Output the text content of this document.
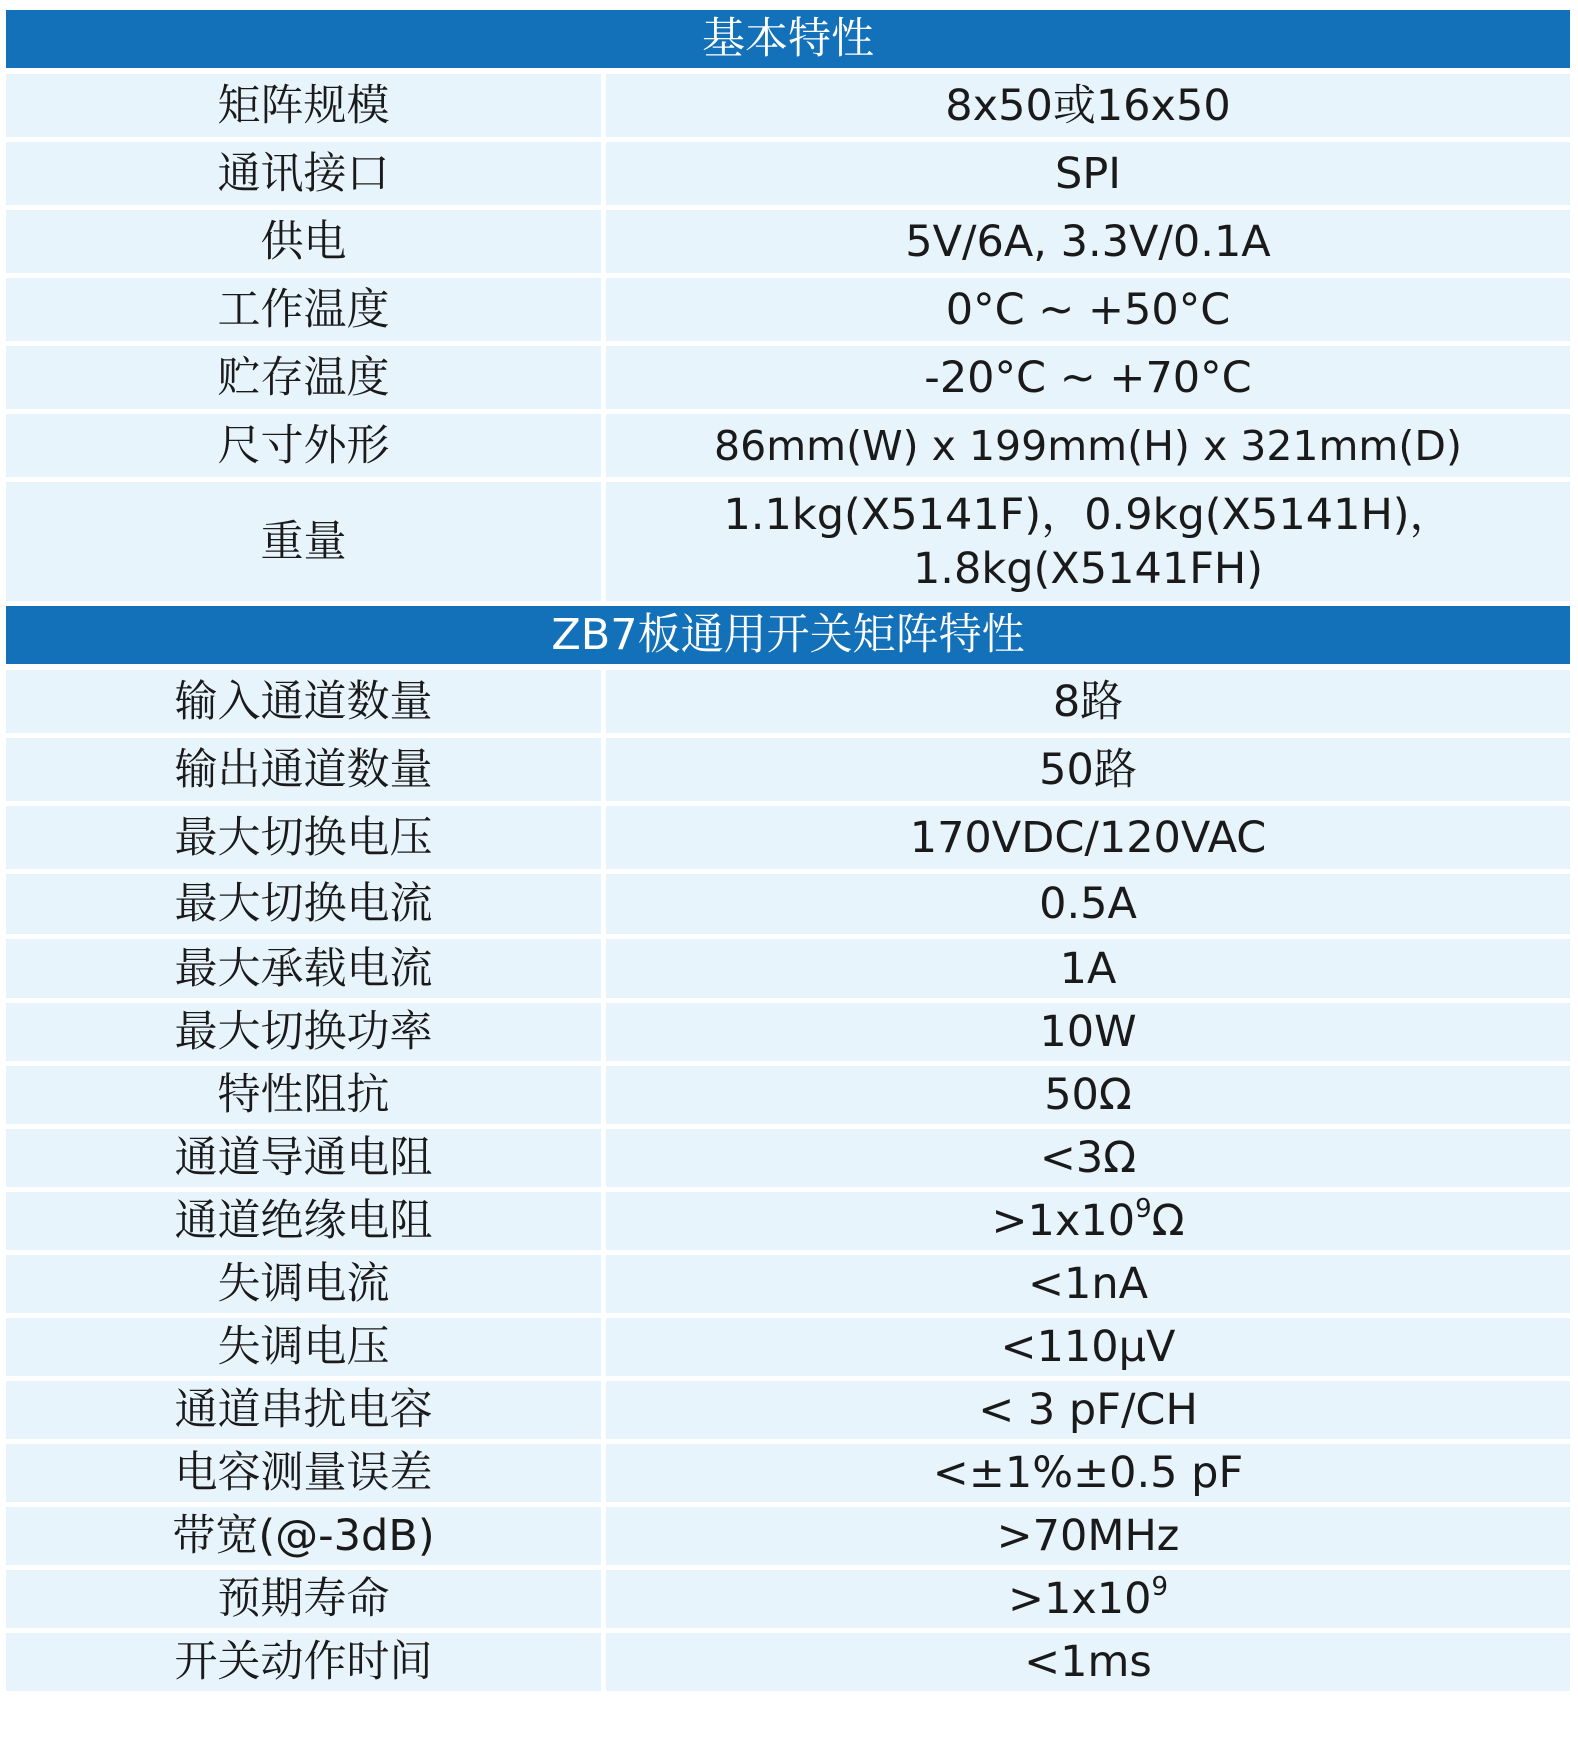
基本特性	
矩阵规模	8x50或16x50
通讯接口	SPI
供电	5V/6A, 3.3V/0.1A
工作温度	0°C ~ +50°C
贮存温度	-20°C ~ +70°C
尺寸外形	86mm(W) x 199mm(H) x 321mm(D)
重量	1.1kg(X5141F)，0.9kg(X5141H)，
1.8kg(X5141FH)

ZB7板通用开关矩阵特性	
输入通道数量	8路
输出通道数量	50路
最大切换电压	170VDC/120VAC
最大切换电流	0.5A
最大承载电流	1A
最大切换功率	10W
特性阻抗	50Ω
通道导通电阻	<3Ω
通道绝缘电阻	$>1x10^9\Omega$
失调电流	<1nA
失调电压	<110μV
通道串扰电容	< 3 pF/CH
电容测量误差	<±1%±0.5 pF
带宽(@-3dB)	>70MHz
预期寿命	$>1x10^9$
开关动作时间	<1ms
